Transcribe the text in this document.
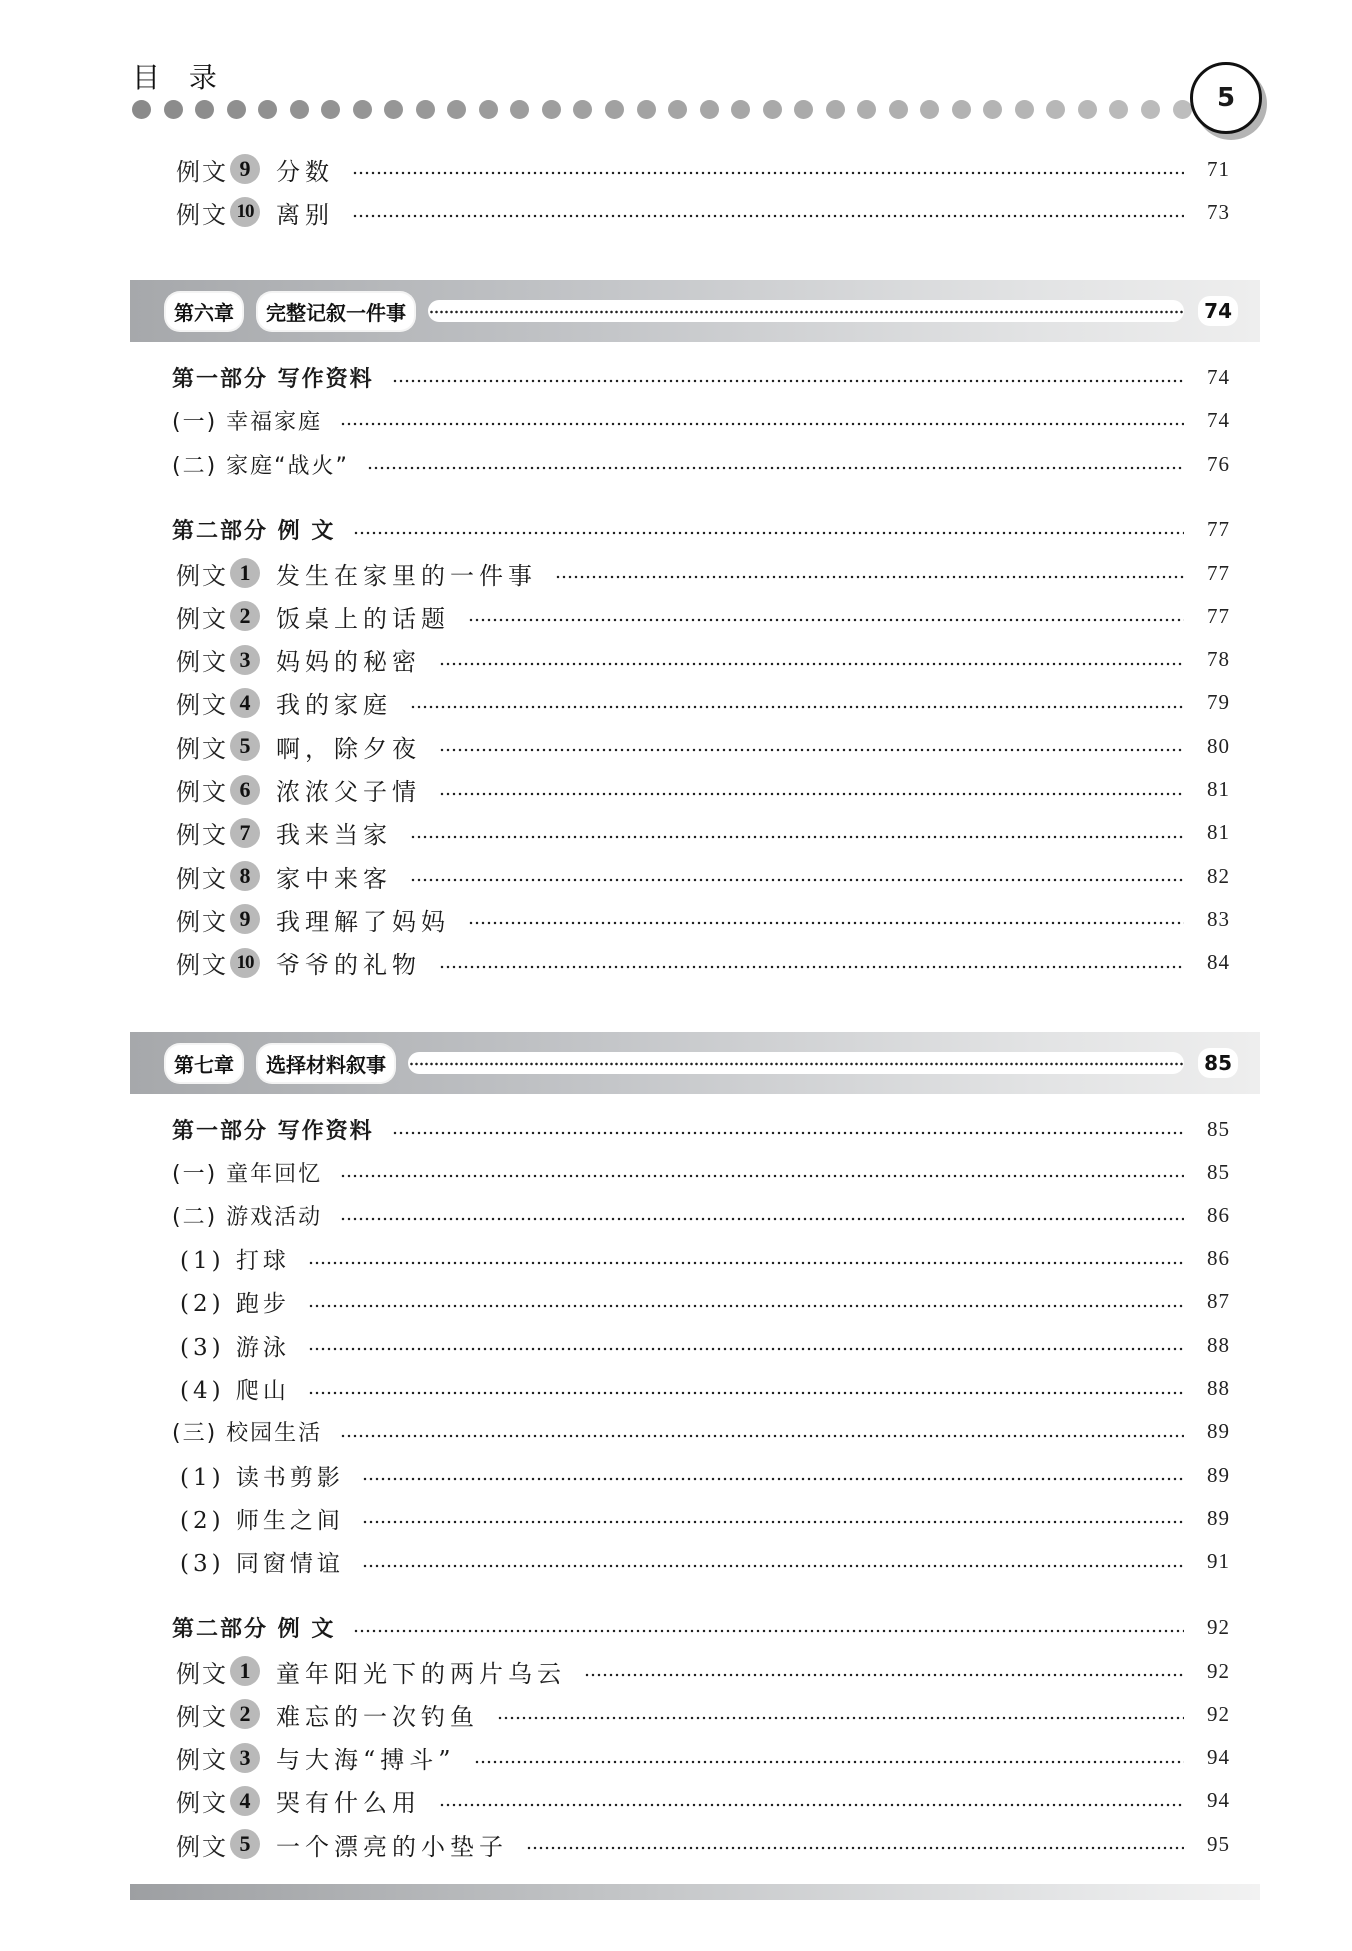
目 录
5
例文 9	分数	71
例文 10 离别	73
第六章	完整记叙一件事	74
第一部分 写作资料	74
(一) 幸福家庭	74
(二) 家庭“战火”	76
第二部分 例 文	77
例文 1	发生在家里的一件事	77
例文 2	饭桌上的话题	77
例文 3	妈妈的秘密	78
例文 4	我的家庭	79
例文 5	啊，除夕夜	80
例文 6	浓浓父子情	81
例文 7	我来当家	81
例文 8	家中来客	82
例文 9	我理解了妈妈	83
例文 10 爷爷的礼物	84
第七章	选择材料叙事	85
第一部分 写作资料	85
(一) 童年回忆	85
(二) 游戏活动	86
(1) 打球	86
(2) 跑步	87
(3) 游泳	88
(4) 爬山	88
(三) 校园生活	89
(1) 读书剪影	89
(2) 师生之间	89
(3) 同窗情谊	91
第二部分 例 文	92
例文 1	童年阳光下的两片乌云	92
例文 2	难忘的一次钓鱼	92
例文 3	与大海“搏斗”	94
例文 4	哭有什么用	94
例文 5	一个漂亮的小垫子	95
